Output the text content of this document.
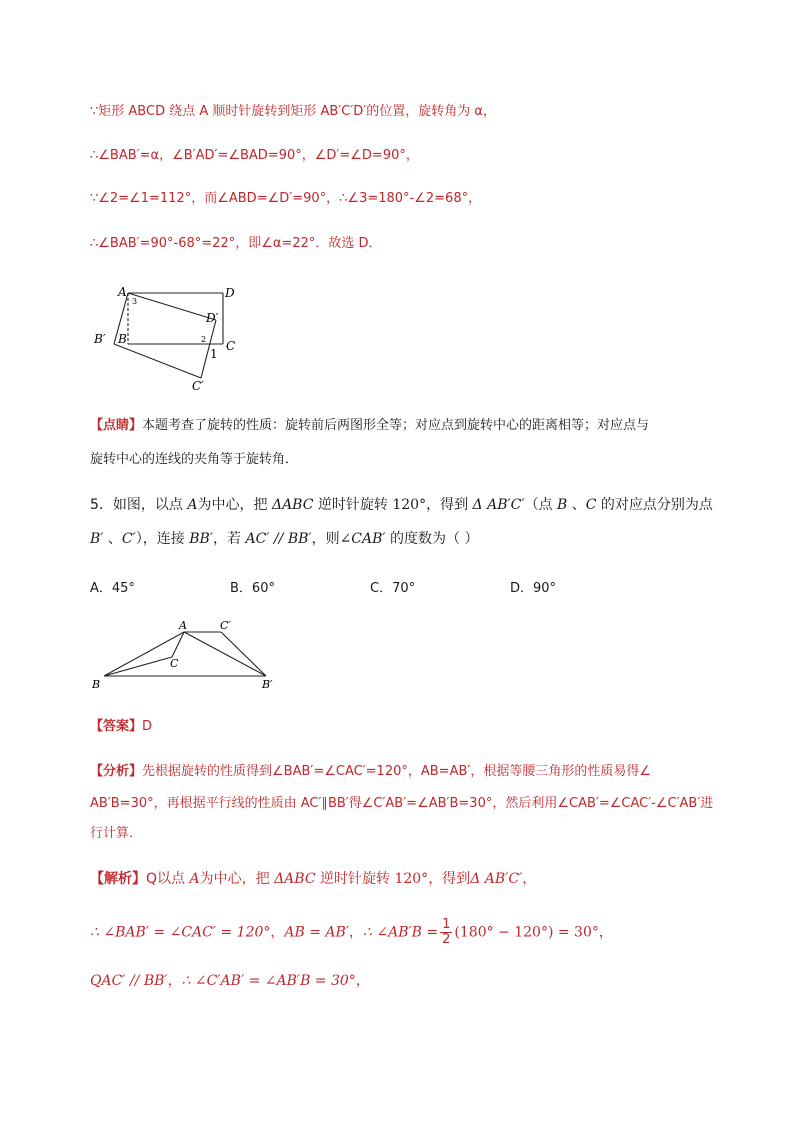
∵矩形 ABCD 绕点 A 顺时针旋转到矩形 AB′C′D′的位置，旋转角为 α，
∴∠BAB′=α，∠B′AD′=∠BAD=90°，∠D′=∠D=90°，
∵∠2=∠1=112°，而∠ABD=∠D′=90°，∴∠3=180°-∠2=68°，
∴∠BAB′=90°-68°=22°，即∠α=22°．故选 D．
A	D
D′
B′ B	C
C′
1
2
3
【点睛】本题考查了旋转的性质：旋转前后两图形全等；对应点到旋转中心的距离相等；对应点与
旋转中心的连线的夹角等于旋转角．
5．如图，以点 A为中心，把 ΔABC 逆时针旋转 120°，得到 Δ AB′C′（点 B 、C 的对应点分别为点
B′ 、C′），连接 BB′，若 AC′ // BB′，则∠CAB′ 的度数为（ ）
A．45°	B．60°	C．70°	D．90°
A	C′
C
B	B′
【答案】D
【分析】先根据旋转的性质得到∠BAB′=∠CAC′=120°，AB=AB′，根据等腰三角形的性质易得∠
AB′B=30°，再根据平行线的性质由 AC′∥BB′得∠C′AB′=∠AB′B=30°，然后利用∠CAB′=∠CAC′-∠C′AB′进
行计算．
【解析】Q以点 A为中心，把 ΔABC 逆时针旋转 120°，得到Δ AB′C′，
∴ ∠BAB′ = ∠CAC′ = 120°，AB = AB′，∴ ∠AB′B = $\frac{1}{2} (180^\circ - 120^\circ) = 30^\circ$，
QAC′ // BB′，∴ ∠C′AB′ = ∠AB′B = 30°，
